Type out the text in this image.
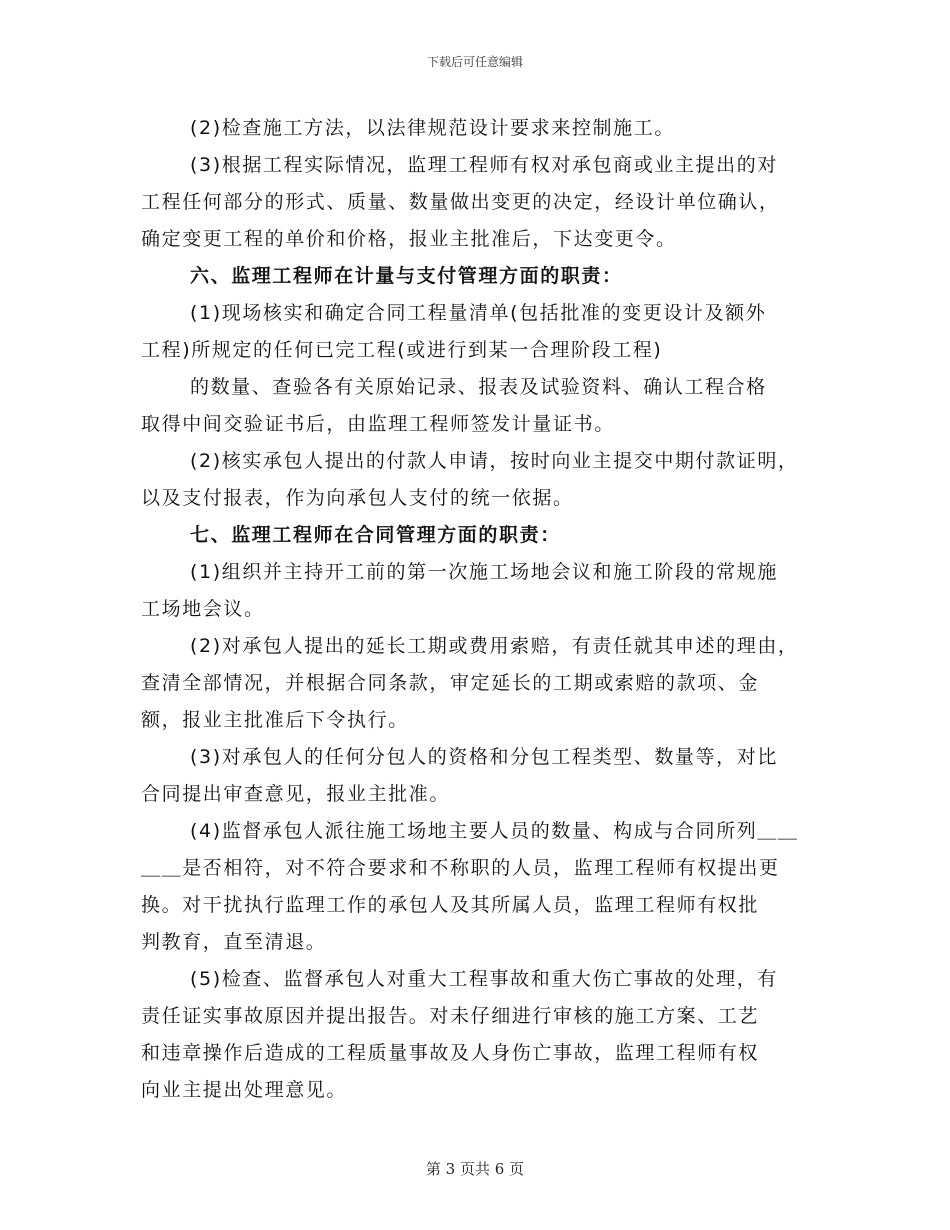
下载后可任意编辑
(2)检查施工方法，以法律规范设计要求来控制施工。
(3)根据工程实际情况，监理工程师有权对承包商或业主提出的对
工程任何部分的形式、质量、数量做出变更的决定，经设计单位确认，
确定变更工程的单价和价格，报业主批准后，下达变更令。
六、监理工程师在计量与支付管理方面的职责：
(1)现场核实和确定合同工程量清单(包括批准的变更设计及额外
工程)所规定的任何已完工程(或进行到某一合理阶段工程)
的数量、查验各有关原始记录、报表及试验资料、确认工程合格
取得中间交验证书后，由监理工程师签发计量证书。
(2)核实承包人提出的付款人申请，按时向业主提交中期付款证明，
以及支付报表，作为向承包人支付的统一依据。
七、监理工程师在合同管理方面的职责：
(1)组织并主持开工前的第一次施工场地会议和施工阶段的常规施
工场地会议。
(2)对承包人提出的延长工期或费用索赔，有责任就其申述的理由，
查清全部情况，并根据合同条款，审定延长的工期或索赔的款项、金
额，报业主批准后下令执行。
(3)对承包人的任何分包人的资格和分包工程类型、数量等，对比
合同提出审查意见，报业主批准。
(4)监督承包人派往施工场地主要人员的数量、构成与合同所列＿＿
＿＿是否相符，对不符合要求和不称职的人员，监理工程师有权提出更
换。对干扰执行监理工作的承包人及其所属人员，监理工程师有权批
判教育，直至清退。
(5)检查、监督承包人对重大工程事故和重大伤亡事故的处理，有
责任证实事故原因并提出报告。对未仔细进行审核的施工方案、工艺
和违章操作后造成的工程质量事故及人身伤亡事故，监理工程师有权
向业主提出处理意见。
第 3 页共 6 页
